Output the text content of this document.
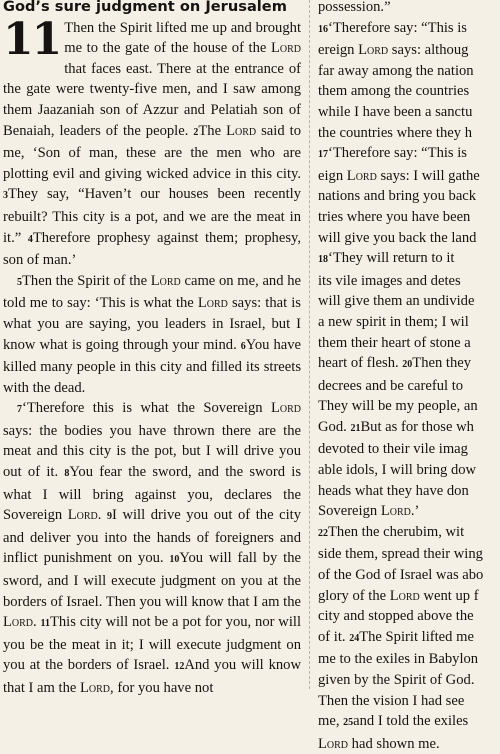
God’s sure judgment on Jerusalem
11 Then the Spirit lifted me up and brought me to the gate of the house of the Lord that faces east. There at the entrance of the gate were twenty-five men, and I saw among them Jaazaniah son of Azzur and Pelatiah son of Benaiah, leaders of the people. 2The Lord said to me, ‘Son of man, these are the men who are plotting evil and giving wicked advice in this city. 3They say, “Haven’t our houses been recently rebuilt? This city is a pot, and we are the meat in it.” 4Therefore prophesy against them; prophesy, son of man.’

5Then the Spirit of the Lord came on me, and he told me to say: ‘This is what the Lord says: that is what you are saying, you leaders in Israel, but I know what is going through your mind. 6You have killed many people in this city and filled its streets with the dead.

7‘Therefore this is what the Sovereign Lord says: the bodies you have thrown there are the meat and this city is the pot, but I will drive you out of it. 8You fear the sword, and the sword is what I will bring against you, declares the Sovereign Lord. 9I will drive you out of the city and deliver you into the hands of foreigners and inflict punishment on you. 10You will fall by the sword, and I will execute judgment on you at the borders of Israel. Then you will know that I am the Lord. 11This city will not be a pot for you, nor will you be the meat in it; I will execute judgment on you at the borders of Israel. 12And you will know that I am the Lord, for you have not

possession.”
16‘Therefore say: “This is
ereign Lord says: althoug
far away among the nation
them among the countries
while I have been a sanctu
the countries where they h
17‘Therefore say: “This is
eign Lord says: I will gathe
nations and bring you back
tries where you have been
will give you back the land
18‘They will return to it
its vile images and detes
will give them an undivide
a new spirit in them; I wil
them their heart of stone a
heart of flesh. 20Then they
decrees and be careful to
They will be my people, an
God. 21But as for those wh
devoted to their vile imag
able idols, I will bring dow
heads what they have don
Sovereign Lord.’
22Then the cherubim, wit
side them, spread their wing
of the God of Israel was abo
glory of the Lord went up f
city and stopped above the
of it. 24The Spirit lifted me
me to the exiles in Babylon
given by the Spirit of God.
Then the vision I had see
me, 25and I told the exiles
Lord had shown me.
